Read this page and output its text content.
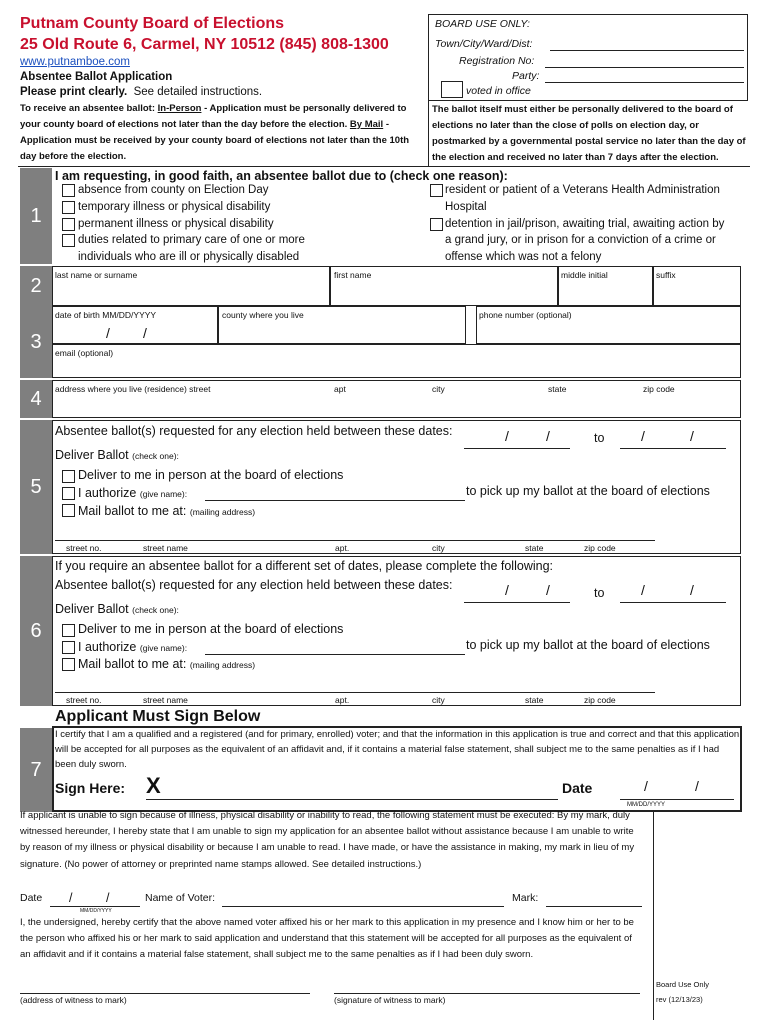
Putnam County Board of Elections
25 Old Route 6, Carmel, NY 10512 (845) 808-1300
www.putnamboe.com
Absentee Ballot Application
Please print clearly. See detailed instructions.
BOARD USE ONLY:
Town/City/Ward/Dist:
Registration No:
Party:
voted in office
To receive an absentee ballot: In-Person - Application must be personally delivered to your county board of elections not later than the day before the election. By Mail - Application must be received by your county board of elections not later than the 10th day before the election.
The ballot itself must either be personally delivered to the board of elections no later than the close of polls on election day, or postmarked by a governmental postal service no later than the day of the election and received no later than 7 days after the election.
1
I am requesting, in good faith, an absentee ballot due to (check one reason):
absence from county on Election Day
temporary illness or physical disability
permanent illness or physical disability
duties related to primary care of one or more
individuals who are ill or physically disabled
resident or patient of a Veterans Health Administration
Hospital
detention in jail/prison, awaiting trial, awaiting action by
a grand jury, or in prison for a conviction of a crime or
offense which was not a felony
2	last name or surname	first name	middle initial	suffix
3
date of birth MM/DD/YYYY
/ /
county where you live	phone number (optional)
email (optional)
4	address where you live (residence) street	apt	city	state	zip code
5
Absentee ballot(s) requested for any election held between these dates:	/	/	to	/	/
Deliver Ballot (check one):
Deliver to me in person at the board of elections
I authorize (give name):	to pick up my ballot at the board of elections
Mail ballot to me at: (mailing address)
street no.	street name	apt.	city	state	zip code
6
If you require an absentee ballot for a different set of dates, please complete the following:
Absentee ballot(s) requested for any election held between these dates:	/	/	to	/	/
Deliver Ballot (check one):
Deliver to me in person at the board of elections
I authorize (give name):	to pick up my ballot at the board of elections
Mail ballot to me at: (mailing address)
street no.	street name	apt.	city	state	zip code
Applicant Must Sign Below
7
I certify that I am a qualified and a registered (and for primary, enrolled) voter; and that the information in this application is true and correct and that this application will be accepted for all purposes as the equivalent of an affidavit and, if it contains a material false statement, shall subject me to the same penalties as if I had been duly sworn.
Sign Here: X	Date	/	/
MM/DD/YYYY
If applicant is unable to sign because of illness, physical disability or inability to read, the following statement must be executed: By my mark, duly witnessed hereunder, I hereby state that I am unable to sign my application for an absentee ballot without assistance because I am unable to write by reason of my illness or physical disability or because I am unable to read. I have made, or have the assistance in making, my mark in lieu of my signature. (No power of attorney or preprinted name stamps allowed. See detailed instructions.)
Date /	/
MM/DD/YYYY
Name of Voter:	Mark:
I, the undersigned, hereby certify that the above named voter affixed his or her mark to this application in my presence and I know him or her to be the person who affixed his or her mark to said application and understand that this statement will be accepted for all purposes as the equivalent of an affidavit and if it contains a material false statement, shall subject me to the same penalties as if I had been duly sworn.
(address of witness to mark)	(signature of witness to mark)
Board Use Only
rev (12/13/23)
